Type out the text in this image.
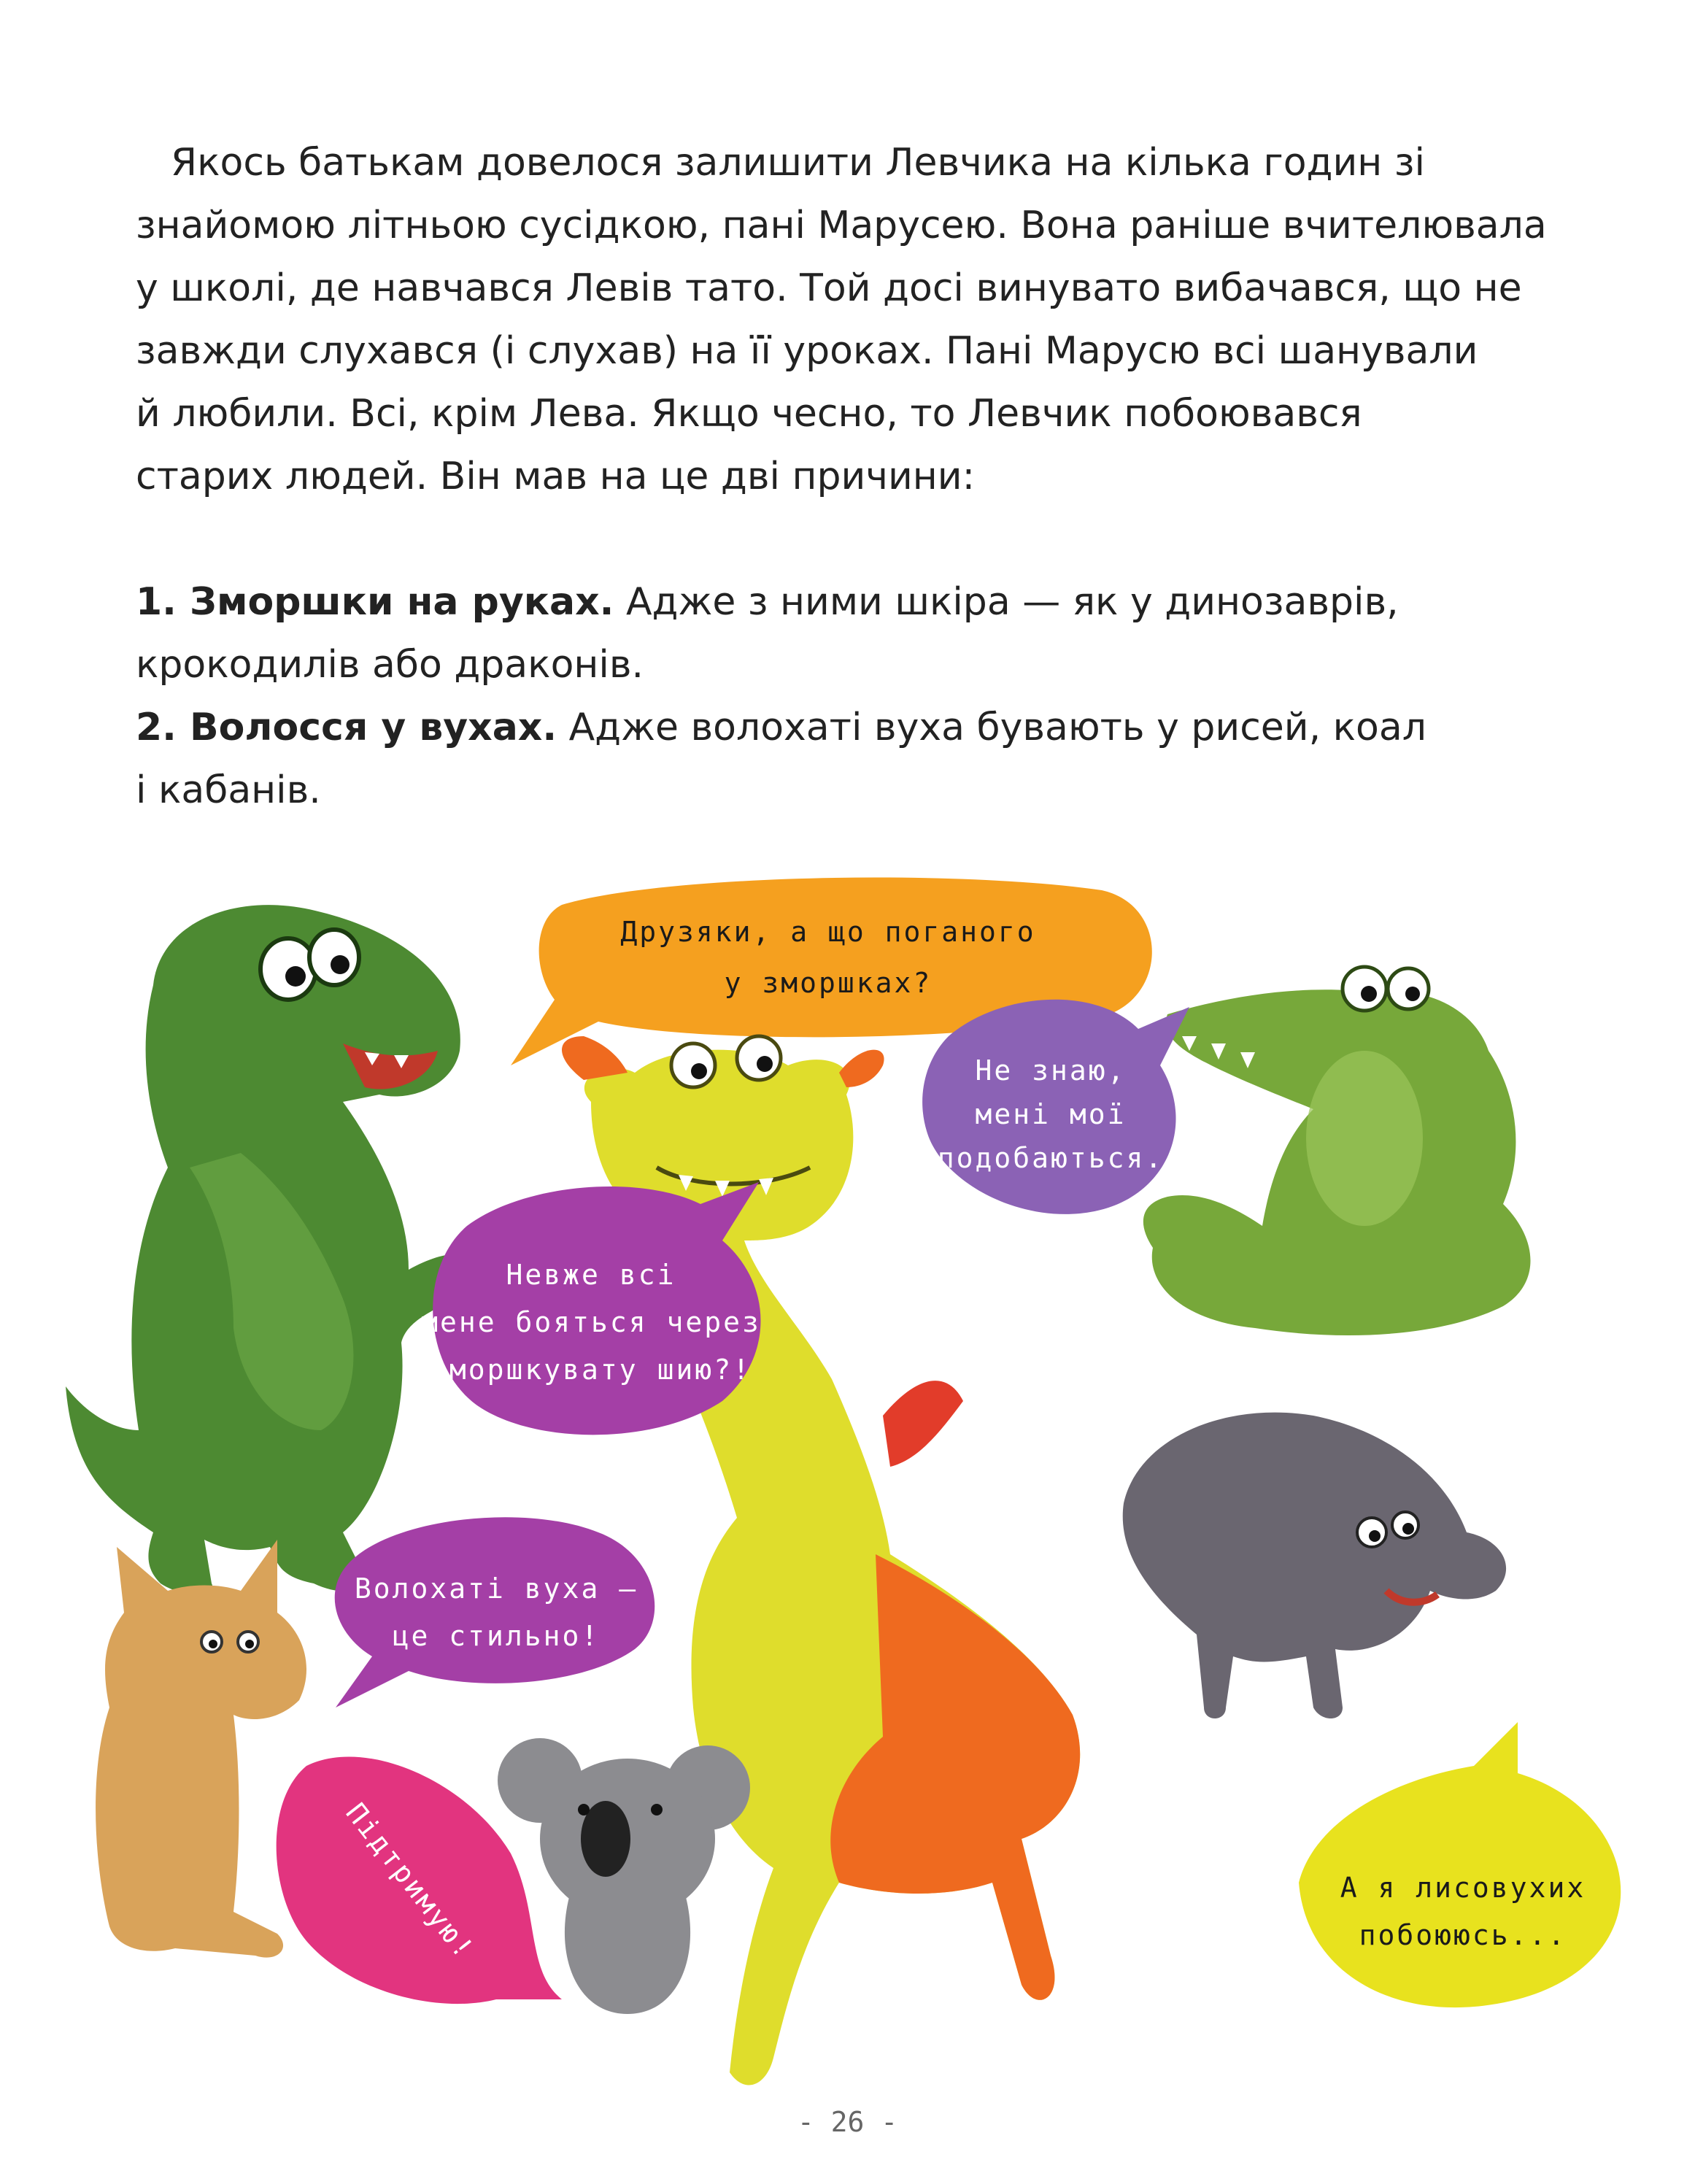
Якось батькам довелося залишити Левчика на кілька годин зі

знайомою літньою сусідкою, пані Марусею. Вона раніше вчителювала

у школі, де навчався Левів тато. Той досі винувато вибачався, що не

завжди слухався (і слухав) на її уроках. Пані Марусю всі шанували

й любили. Всі, крім Лева. Якщо чесно, то Левчик побоювався

старих людей. Він мав на це дві причини:

1. Зморшки на руках. Адже з ними шкіра — як у динозаврів,

крокодилів або драконів.

2. Волосся у вухах. Адже волохаті вуха бувають у рисей, коал

і кабанів.

Друзяки, а що поганого
у зморшках?
Не знаю,
мені мої
подобаються.
Невже всі
мене бояться через
зморшкувату шию?!
А я лисовухих
побоююсь...
Волохаті вуха —
це стильно!
Підтримую!
- 26 -
